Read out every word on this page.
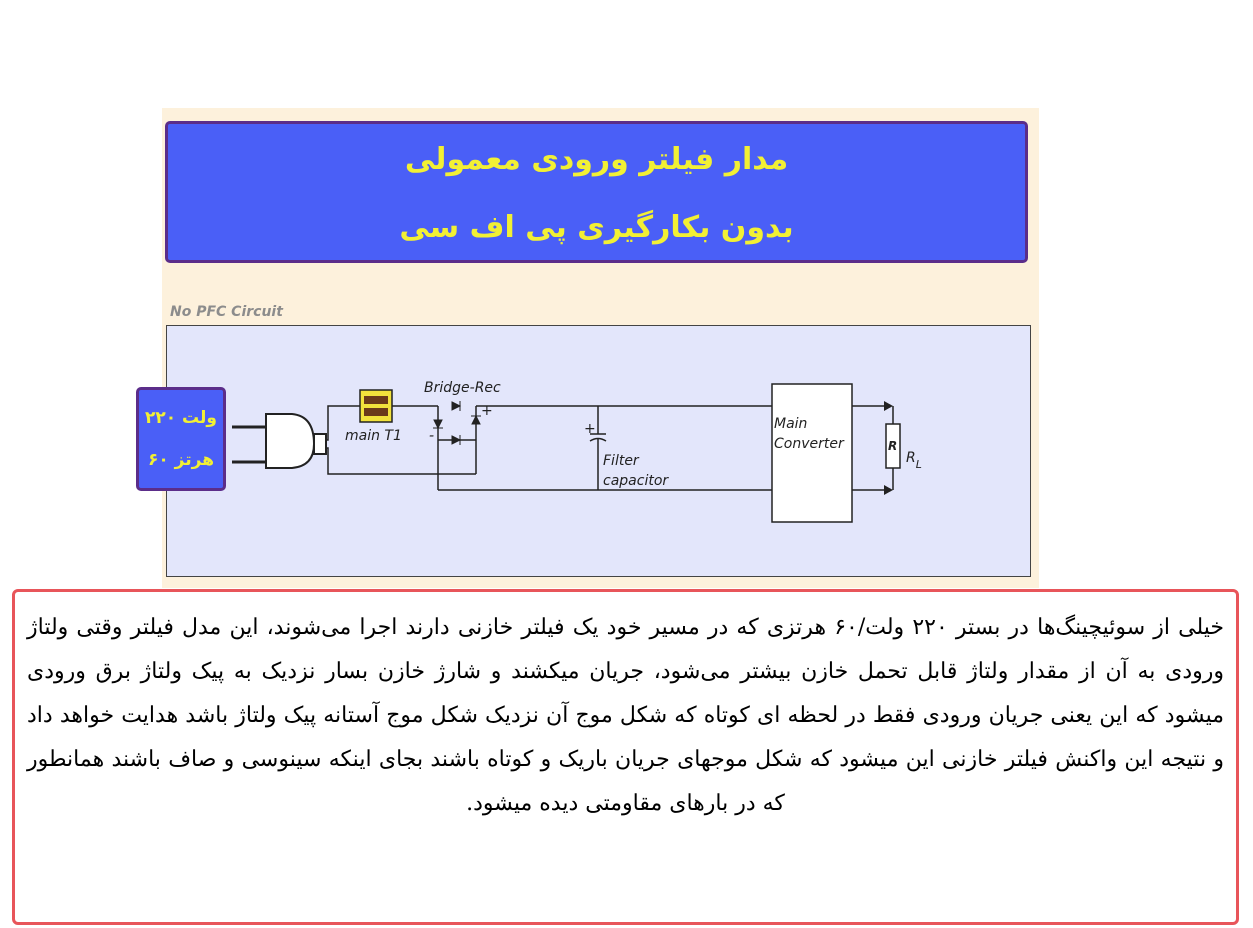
مدار فیلتر ورودی معمولی
بدون بکارگیری پی اف سی
No PFC Circuit
main T1
Bridge-Rec
+
-	+
Filter
capacitor
Main
Converter	R
$R_L$
۲۲۰ ولت
۶۰ هرتز

خیلی از سوئیچینگ‌ها در بستر ۲۲۰ ولت/۶۰ هرتزی که در مسیر خود یک فیلتر خازنی دارند اجرا می‌شوند، این مدل فیلتر وقتی ولتاژ ورودی به آن از مقدار ولتاژ قابل تحمل خازن بیشتر می‌شود، جریان میکشند و شارژ خازن بسار نزدیک به پیک ولتاژ برق ورودی میشود که این یعنی جریان ورودی فقط در لحظه ای کوتاه که شکل موج آن نزدیک شکل موج آستانه پیک ولتاژ باشد هدایت خواهد داد و نتیجه این واکنش فیلتر خازنی این میشود که شکل موجهای جریان باریک و کوتاه باشند بجای اینکه سینوسی و صاف باشند همانطور که در بارهای مقاومتی دیده میشود.
